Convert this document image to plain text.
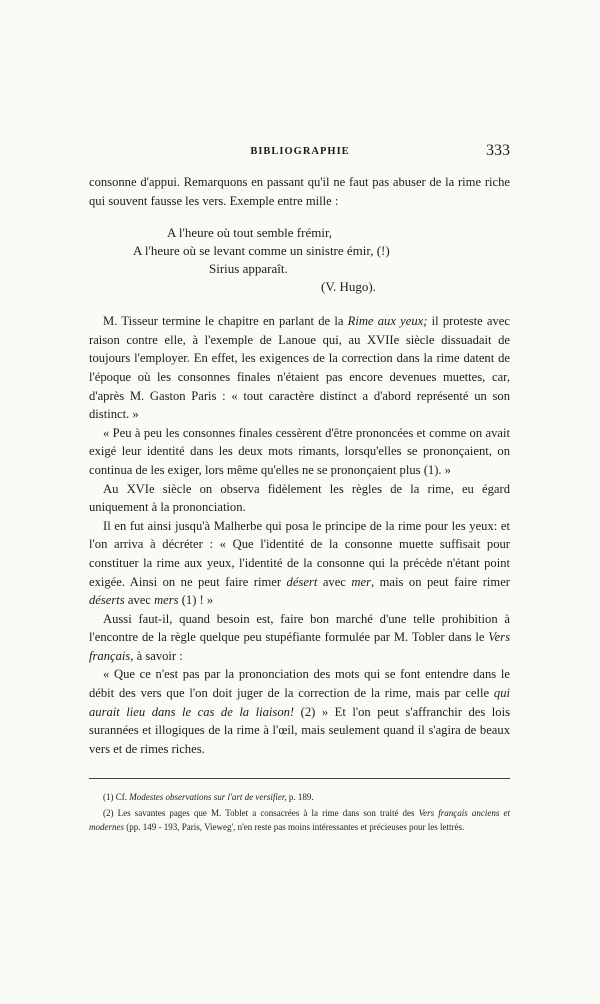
BIBLIOGRAPHIE	333

consonne d'appui. Remarquons en passant qu'il ne faut pas abuser de la rime riche qui souvent fausse les vers. Exemple entre mille :

A l'heure où tout semble frémir,
A l'heure où se levant comme un sinistre émir, (!)
Sirius apparaît.
(V. Hugo).

M. Tisseur termine le chapitre en parlant de la Rime aux yeux; il proteste avec raison contre elle, à l'exemple de Lanoue qui, au XVIIe siècle dissuadait de toujours l'employer. En effet, les exigences de la correction dans la rime datent de l'époque où les consonnes finales n'étaient pas encore devenues muettes, car, d'après M. Gaston Paris : « tout caractère distinct a d'abord représenté un son distinct. »

« Peu à peu les consonnes finales cessèrent d'être prononcées et comme on avait exigé leur identité dans les deux mots rimants, lorsqu'elles se prononçaient, on continua de les exiger, lors même qu'elles ne se prononçaient plus (1). »

Au XVIe siècle on observa fidèlement les règles de la rime, eu égard uniquement à la prononciation.

Il en fut ainsi jusqu'à Malherbe qui posa le principe de la rime pour les yeux: et l'on arriva à décréter : « Que l'identité de la consonne muette suffisait pour constituer la rime aux yeux, l'identité de la consonne qui la précède n'étant point exigée. Ainsi on ne peut faire rimer désert avec mer, mais on peut faire rimer déserts avec mers (1) ! »

Aussi faut-il, quand besoin est, faire bon marché d'une telle prohibition à l'encontre de la règle quelque peu stupéfiante formulée par M. Tobler dans le Vers français, à savoir :

« Que ce n'est pas par la prononciation des mots qui se font entendre dans le débit des vers que l'on doit juger de la correction de la rime, mais par celle qui aurait lieu dans le cas de la liaison! (2) » Et l'on peut s'affranchir des lois surannées et illogiques de la rime à l'œil, mais seulement quand il s'agira de beaux vers et de rimes riches.

(1) Cf. Modestes observations sur l'art de versifier, p. 189.

(2) Les savantes pages que M. Toblet a consacrées à la rime dans son traité des Vers français anciens et modernes (pp. 149 - 193, Paris, Vieweg', n'en reste pas moins intéressantes et précieuses pour les lettrés.
